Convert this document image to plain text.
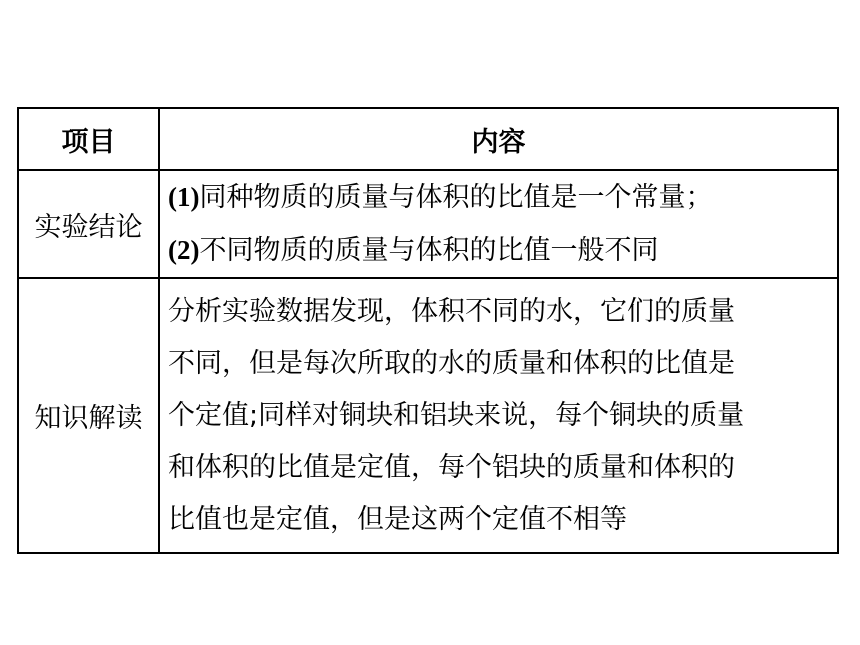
项目	内容
实验结论	(1)同种物质的质量与体积的比值是一个常量；
(2)不同物质的质量与体积的比值一般不同

知识解读	分析实验数据发现，体积不同的水，它们的质量
不同，但是每次所取的水的质量和体积的比值是
个定值;同样对铜块和铝块来说，每个铜块的质量
和体积的比值是定值，每个铝块的质量和体积的
比值也是定值，但是这两个定值不相等
